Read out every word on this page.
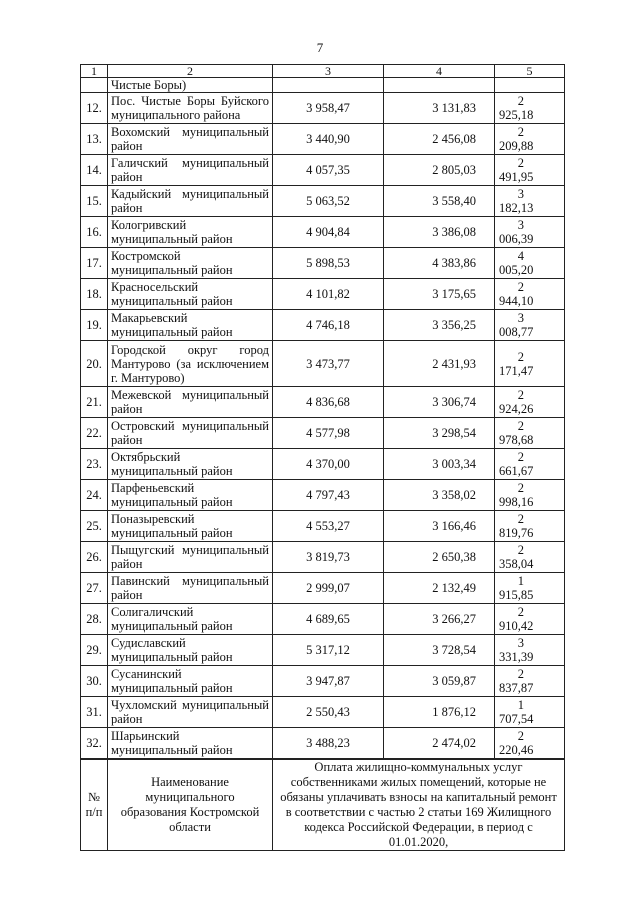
7
1	2	3	4	5
	Чистые Боры)			
12.	Пос. Чистые Боры Буйского муниципального района	3 958,47	3 131,83	2 925,18
13.	Вохомский муниципальный район	3 440,90	2 456,08	2 209,88
14.	Галичский муниципальный район	4 057,35	2 805,03	2 491,95
15.	Кадыйский муниципальный район	5 063,52	3 558,40	3 182,13
16.	Кологривский муниципальный район	4 904,84	3 386,08	3 006,39
17.	Костромской муниципальный район	5 898,53	4 383,86	4 005,20
18.	Красносельский муниципальный район	4 101,82	3 175,65	2 944,10
19.	Макарьевский муниципальный район	4 746,18	3 356,25	3 008,77
20.	Городской округ город Мантурово (за исключением г. Мантурово)	3 473,77	2 431,93	2 171,47
21.	Межевской муниципальный район	4 836,68	3 306,74	2 924,26
22.	Островский муниципальный район	4 577,98	3 298,54	2 978,68
23.	Октябрьский муниципальный район	4 370,00	3 003,34	2 661,67
24.	Парфеньевский муниципальный район	4 797,43	3 358,02	2 998,16
25.	Поназыревский муниципальный район	4 553,27	3 166,46	2 819,76
26.	Пыщугский муниципальный район	3 819,73	2 650,38	2 358,04
27.	Павинский муниципальный район	2 999,07	2 132,49	1 915,85
28.	Солигаличский муниципальный район	4 689,65	3 266,27	2 910,42
29.	Судиславский муниципальный район	5 317,12	3 728,54	3 331,39
30.	Сусанинский муниципальный район	3 947,87	3 059,87	2 837,87
31.	Чухломский муниципальный район	2 550,43	1 876,12	1 707,54
32.	Шарьинский муниципальный район	3 488,23	2 474,02	2 220,46
№ п/п	Наименование муниципального образования Костромской области	Оплата жилищно-коммунальных услуг собственниками жилых помещений, которые не обязаны уплачивать взносы на капитальный ремонт в соответствии с частью 2 статьи 169 Жилищного кодекса Российской Федерации, в период с 01.01.2020,
